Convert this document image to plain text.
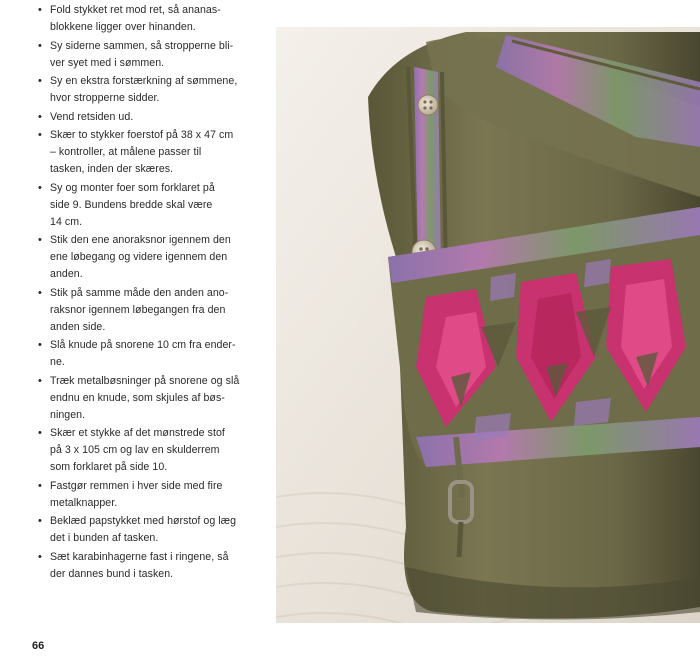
• Fold stykket ret mod ret, så ananas-
blokkene ligger over hinanden.
• Sy siderne sammen, så stropperne bli-
ver syet med i sømmen.
• Sy en ekstra forstærkning af sømmene,
hvor stropperne sidder.
• Vend retsiden ud.
• Skær to stykker foerstof på 38 x 47 cm
– kontroller, at målene passer til
tasken, inden der skæres.
• Sy og monter foer som forklaret på
side 9. Bundens bredde skal være
14 cm.
• Stik den ene anoraksnor igennem den
ene løbegang og videre igennem den
anden.
• Stik på samme måde den anden ano-
raksnor igennem løbegangen fra den
anden side.
• Slå knude på snorene 10 cm fra ender-
ne.
• Træk metalbøsninger på snorene og slå
endnu en knude, som skjules af bøs-
ningen.
• Skær et stykke af det mønstrede stof
på 3 x 105 cm og lav en skulderrem
som forklaret på side 10.
• Fastgør remmen i hver side med fire
metalknapper.
• Beklæd papstykket med hørstof og læg
det i bunden af tasken.
• Sæt karabinhagerne fast i ringene, så
der dannes bund i tasken.
66
